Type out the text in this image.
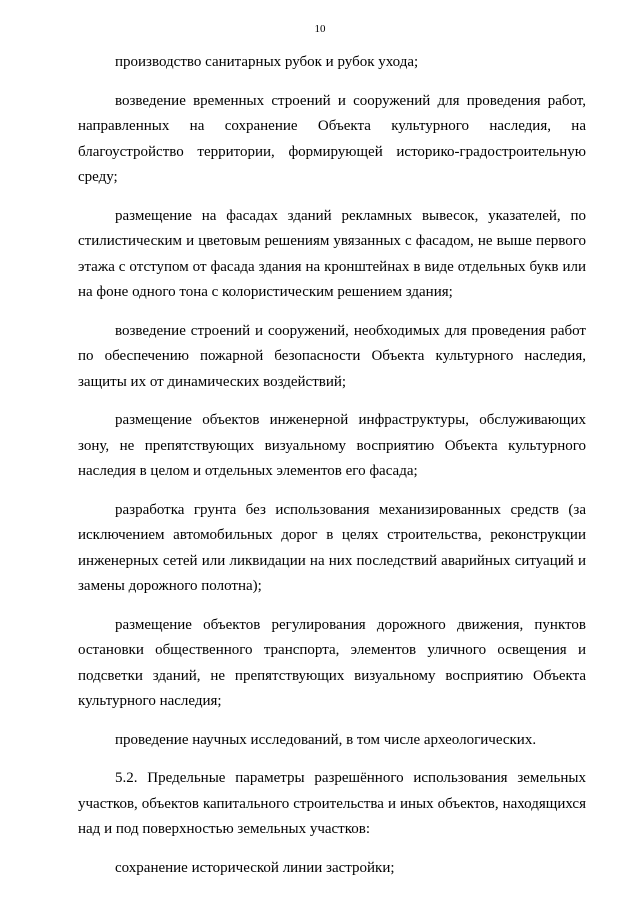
10

производство санитарных рубок и рубок ухода;

возведение временных строений и сооружений для проведения работ, направленных на сохранение Объекта культурного наследия, на благоустройство территории, формирующей историко-градостроительную среду;

размещение на фасадах зданий рекламных вывесок, указателей, по стилистическим и цветовым решениям увязанных с фасадом, не выше первого этажа с отступом от фасада здания на кронштейнах в виде отдельных букв или на фоне одного тона с колористическим решением здания;

возведение строений и сооружений, необходимых для проведения работ по обеспечению пожарной безопасности Объекта культурного наследия, защиты их от динамических воздействий;

размещение объектов инженерной инфраструктуры, обслуживающих зону, не препятствующих визуальному восприятию Объекта культурного наследия в целом и отдельных элементов его фасада;

разработка грунта без использования механизированных средств (за исключением автомобильных дорог в целях строительства, реконструкции инженерных сетей или ликвидации на них последствий аварийных ситуаций и замены дорожного полотна);

размещение объектов регулирования дорожного движения, пунктов остановки общественного транспорта, элементов уличного освещения и подсветки зданий, не препятствующих визуальному восприятию Объекта культурного наследия;

проведение научных исследований, в том числе археологических.

5.2. Предельные параметры разрешённого использования земельных участков, объектов капитального строительства и иных объектов, находящихся над и под поверхностью земельных участков:

сохранение исторической линии застройки;
